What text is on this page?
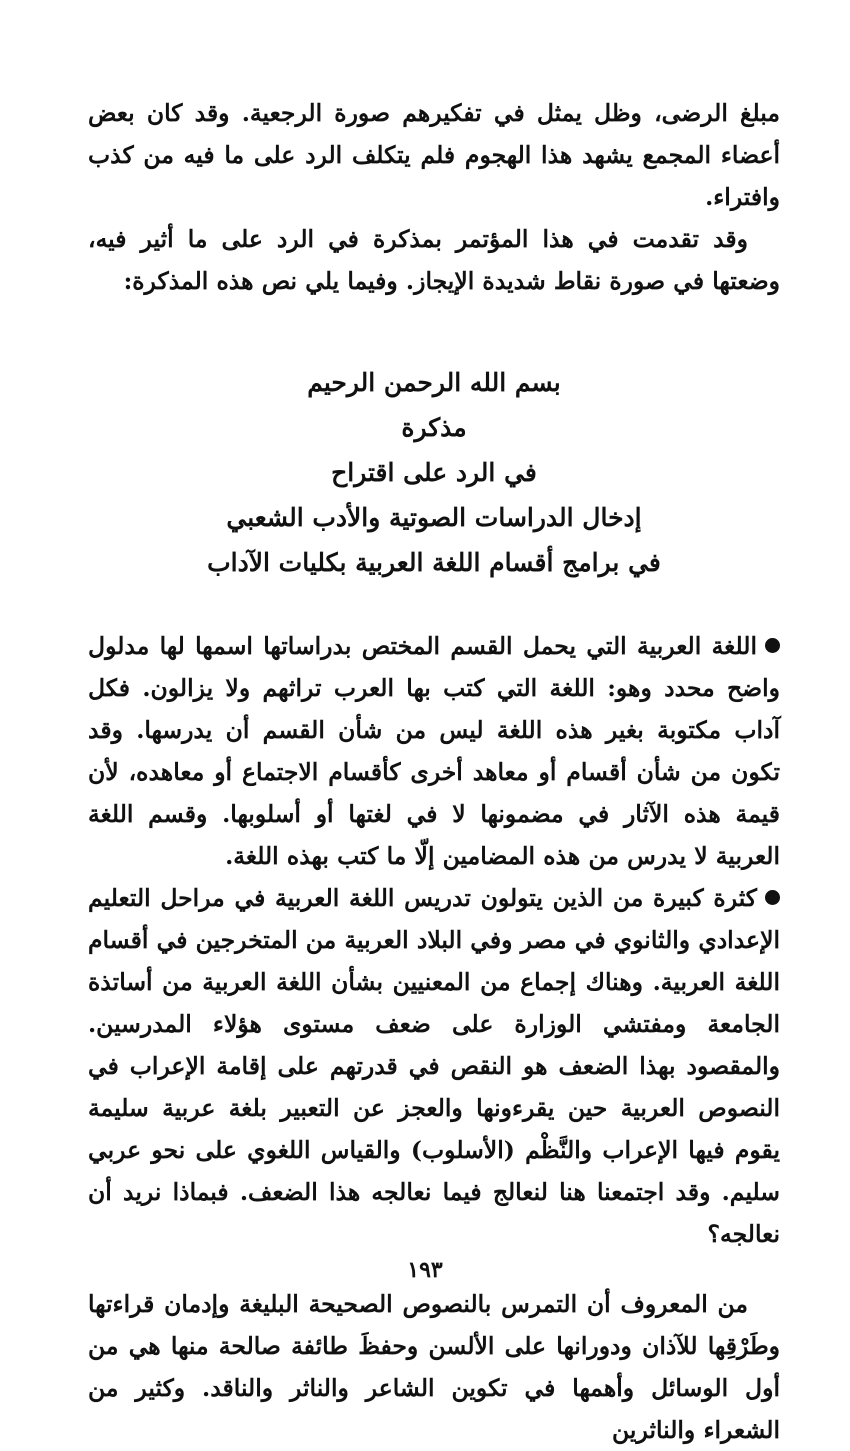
مبلغ الرضى، وظل يمثل في تفكيرهم صورة الرجعية. وقد كان بعض أعضاء المجمع يشهد هذا الهجوم فلم يتكلف الرد على ما فيه من كذب وافتراء.

وقد تقدمت في هذا المؤتمر بمذكرة في الرد على ما أثير فيه، وضعتها في صورة نقاط شديدة الإيجاز. وفيما يلي نص هذه المذكرة:

بسم الله الرحمن الرحيم

مذكرة

في الرد على اقتراح

إدخال الدراسات الصوتية والأدب الشعبي

في برامج أقسام اللغة العربية بكليات الآداب

اللغة العربية التي يحمل القسم المختص بدراساتها اسمها لها مدلول واضح محدد وهو: اللغة التي كتب بها العرب تراثهم ولا يزالون. فكل آداب مكتوبة بغير هذه اللغة ليس من شأن القسم أن يدرسها. وقد تكون من شأن أقسام أو معاهد أخرى كأقسام الاجتماع أو معاهده، لأن قيمة هذه الآثار في مضمونها لا في لغتها أو أسلوبها. وقسم اللغة العربية لا يدرس من هذه المضامين إلّا ما كتب بهذه اللغة.

كثرة كبيرة من الذين يتولون تدريس اللغة العربية في مراحل التعليم الإعدادي والثانوي في مصر وفي البلاد العربية من المتخرجين في أقسام اللغة العربية. وهناك إجماع من المعنيين بشأن اللغة العربية من أساتذة الجامعة ومفتشي الوزارة على ضعف مستوى هؤلاء المدرسين. والمقصود بهذا الضعف هو النقص في قدرتهم على إقامة الإعراب في النصوص العربية حين يقرءونها والعجز عن التعبير بلغة عربية سليمة يقوم فيها الإعراب والنَّظْم (الأسلوب) والقياس اللغوي على نحو عربي سليم. وقد اجتمعنا هنا لنعالج فيما نعالجه هذا الضعف. فبماذا نريد أن نعالجه؟

من المعروف أن التمرس بالنصوص الصحيحة البليغة وإدمان قراءتها وطَرْقِها للآذان ودورانها على الألسن وحفظَ طائفة صالحة منها هي من أول الوسائل وأهمها في تكوين الشاعر والناثر والناقد. وكثير من الشعراء والناثرين

١٩٣
